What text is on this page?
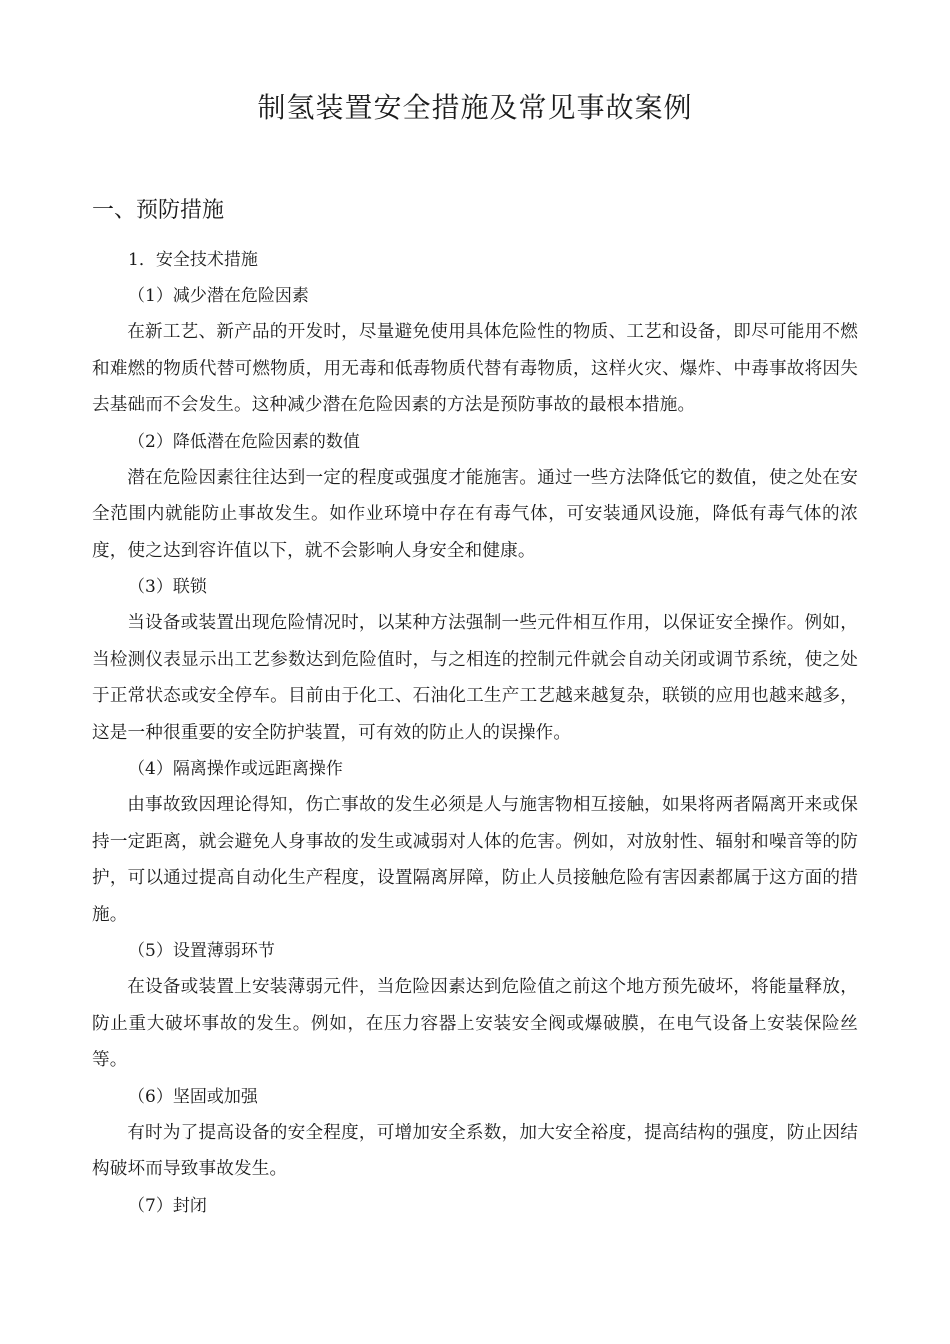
制氢装置安全措施及常见事故案例
一、预防措施
1．安全技术措施
（1）减少潜在危险因素

在新工艺、新产品的开发时，尽量避免使用具体危险性的物质、工艺和设备，即尽可能用不燃和难燃的物质代替可燃物质，用无毒和低毒物质代替有毒物质，这样火灾、爆炸、中毒事故将因失去基础而不会发生。这种减少潜在危险因素的方法是预防事故的最根本措施。

（2）降低潜在危险因素的数值

潜在危险因素往往达到一定的程度或强度才能施害。通过一些方法降低它的数值，使之处在安全范围内就能防止事故发生。如作业环境中存在有毒气体，可安装通风设施，降低有毒气体的浓度，使之达到容许值以下，就不会影响人身安全和健康。

（3）联锁

当设备或装置出现危险情况时，以某种方法强制一些元件相互作用，以保证安全操作。例如，当检测仪表显示出工艺参数达到危险值时，与之相连的控制元件就会自动关闭或调节系统，使之处于正常状态或安全停车。目前由于化工、石油化工生产工艺越来越复杂，联锁的应用也越来越多，这是一种很重要的安全防护装置，可有效的防止人的误操作。

（4）隔离操作或远距离操作

由事故致因理论得知，伤亡事故的发生必须是人与施害物相互接触，如果将两者隔离开来或保持一定距离，就会避免人身事故的发生或减弱对人体的危害。例如，对放射性、辐射和噪音等的防护，可以通过提高自动化生产程度，设置隔离屏障，防止人员接触危险有害因素都属于这方面的措施。

（5）设置薄弱环节

在设备或装置上安装薄弱元件，当危险因素达到危险值之前这个地方预先破坏，将能量释放，防止重大破坏事故的发生。例如，在压力容器上安装安全阀或爆破膜，在电气设备上安装保险丝等。

（6）坚固或加强

有时为了提高设备的安全程度，可增加安全系数，加大安全裕度，提高结构的强度，防止因结构破坏而导致事故发生。

（7）封闭
